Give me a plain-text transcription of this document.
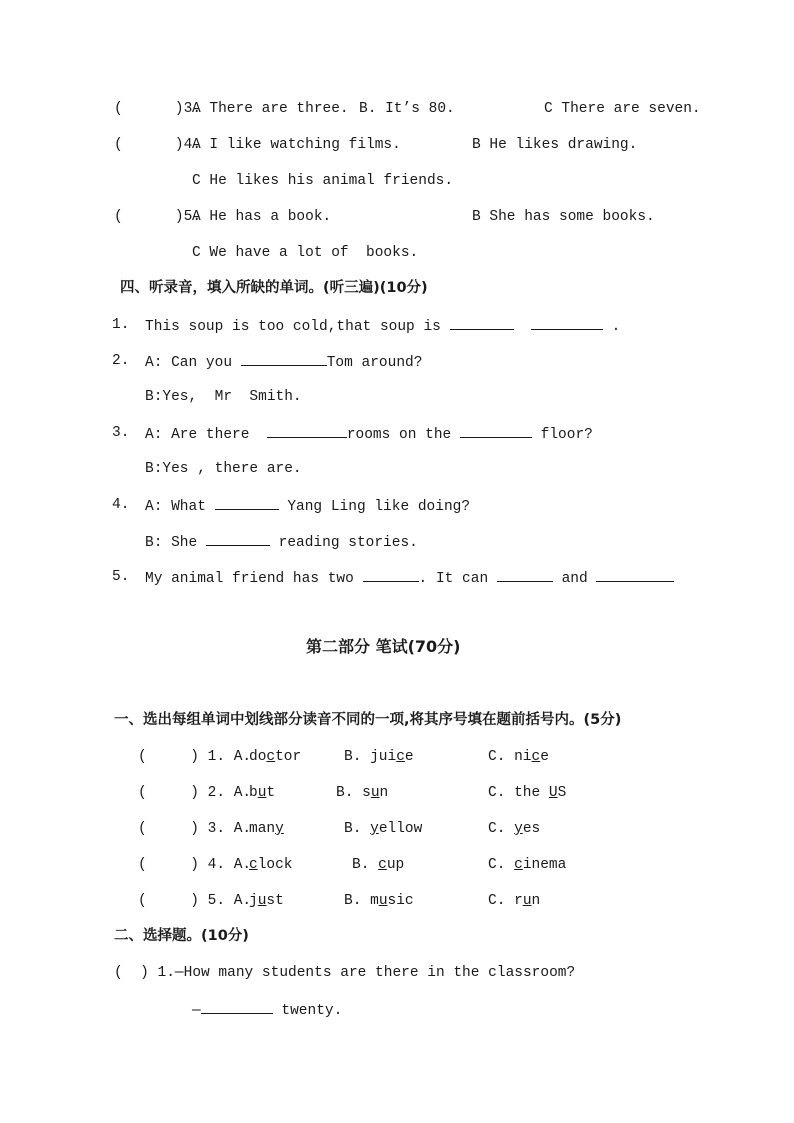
(      )3.
A There are three. B. It’s 80.	C There are seven.
(      )4.
A I like watching films.	B He likes drawing.
C He likes his animal friends.
(      )5.
A He has a book.	B She has some books.
C We have a lot of  books.
四、听录音，填入所缺的单词。(听三遍)(10分)
1. This soup is too cold,that soup is	.
2. A: Can you	Tom around?
B:Yes,  Mr  Smith.
3. A: Are there	rooms on the	floor?
B:Yes , there are.
4. A: What	Yang Ling like doing?
B: She	reading stories.
5. My animal friend has two	. It can	and
第二部分 笔试(70分)
一、选出每组单词中划线部分读音不同的一项,将其序号填在题前括号内。(5分)
(     ) 1. A.
doctor	B. juice	C. nice
(     ) 2. A.
but	B. sun	C. the US
(     ) 3. A.
many	B. yellow	C. yes
(     ) 4. A.
clock	B. cup	C. cinema
(     ) 5. A.
just	B. music	C. run
二、选择题。(10分)
(  ) 1.—How many students are there in the classroom?
—	twenty.
